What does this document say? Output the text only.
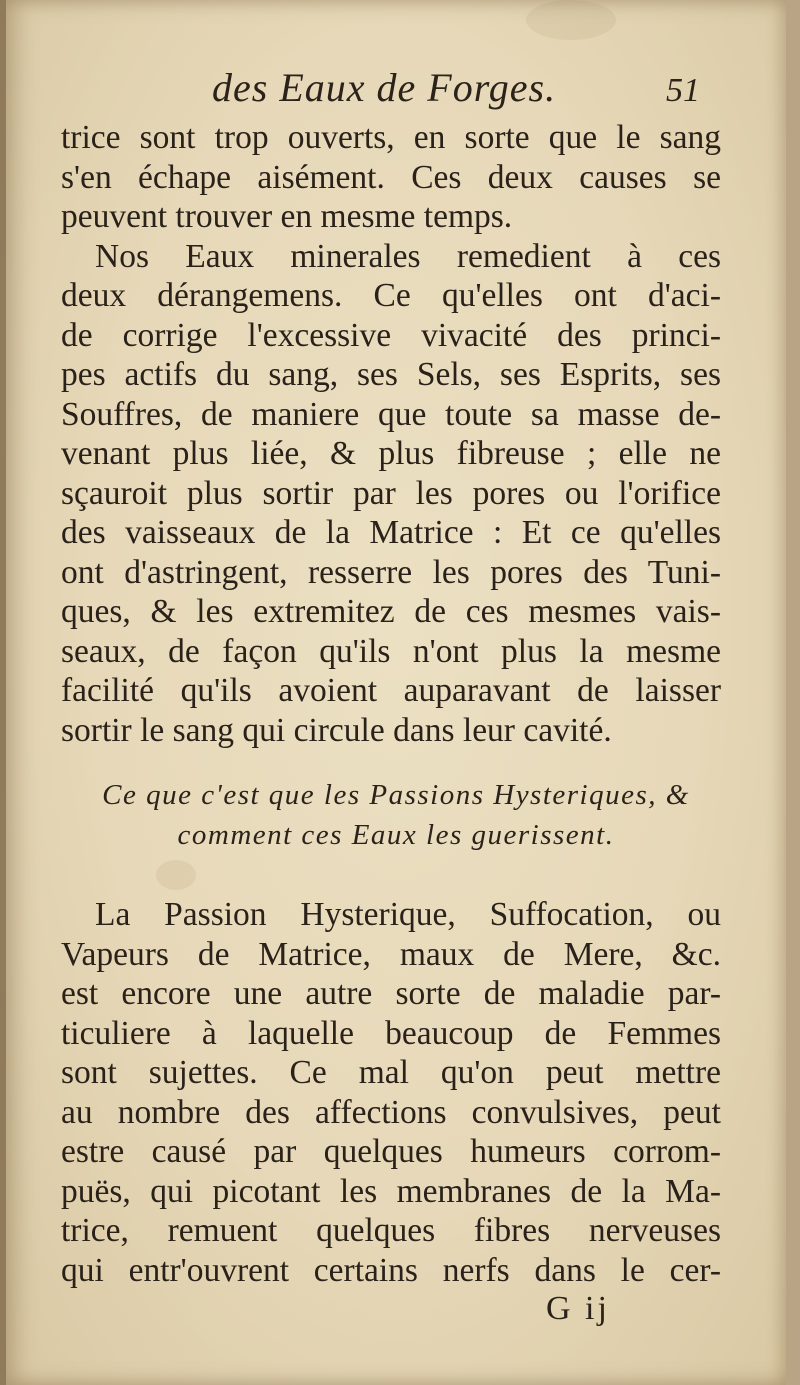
des Eaux de Forges.	51
trice sont trop ouverts, en sorte que le sang
s'en échape aisément. Ces deux causes se
peuvent trouver en mesme temps.
Nos Eaux minerales remedient à ces
deux dérangemens. Ce qu'elles ont d'aci-
de corrige l'excessive vivacité des princi-
pes actifs du sang, ses Sels, ses Esprits, ses
Souffres, de maniere que toute sa masse de-
venant plus liée, & plus fibreuse ; elle ne
sçauroit plus sortir par les pores ou l'orifice
des vaisseaux de la Matrice : Et ce qu'elles
ont d'astringent, resserre les pores des Tuni-
ques, & les extremitez de ces mesmes vais-
seaux, de façon qu'ils n'ont plus la mesme
facilité qu'ils avoient auparavant de laisser
sortir le sang qui circule dans leur cavité.
Ce que c'est que les Passions Hysteriques, &
comment ces Eaux les guerissent.
La Passion Hysterique, Suffocation, ou
Vapeurs de Matrice, maux de Mere, &c.
est encore une autre sorte de maladie par-
ticuliere à laquelle beaucoup de Femmes
sont sujettes. Ce mal qu'on peut mettre
au nombre des affections convulsives, peut
estre causé par quelques humeurs corrom-
puës, qui picotant les membranes de la Ma-
trice, remuent quelques fibres nerveuses
qui entr'ouvrent certains nerfs dans le cer-
G ij
